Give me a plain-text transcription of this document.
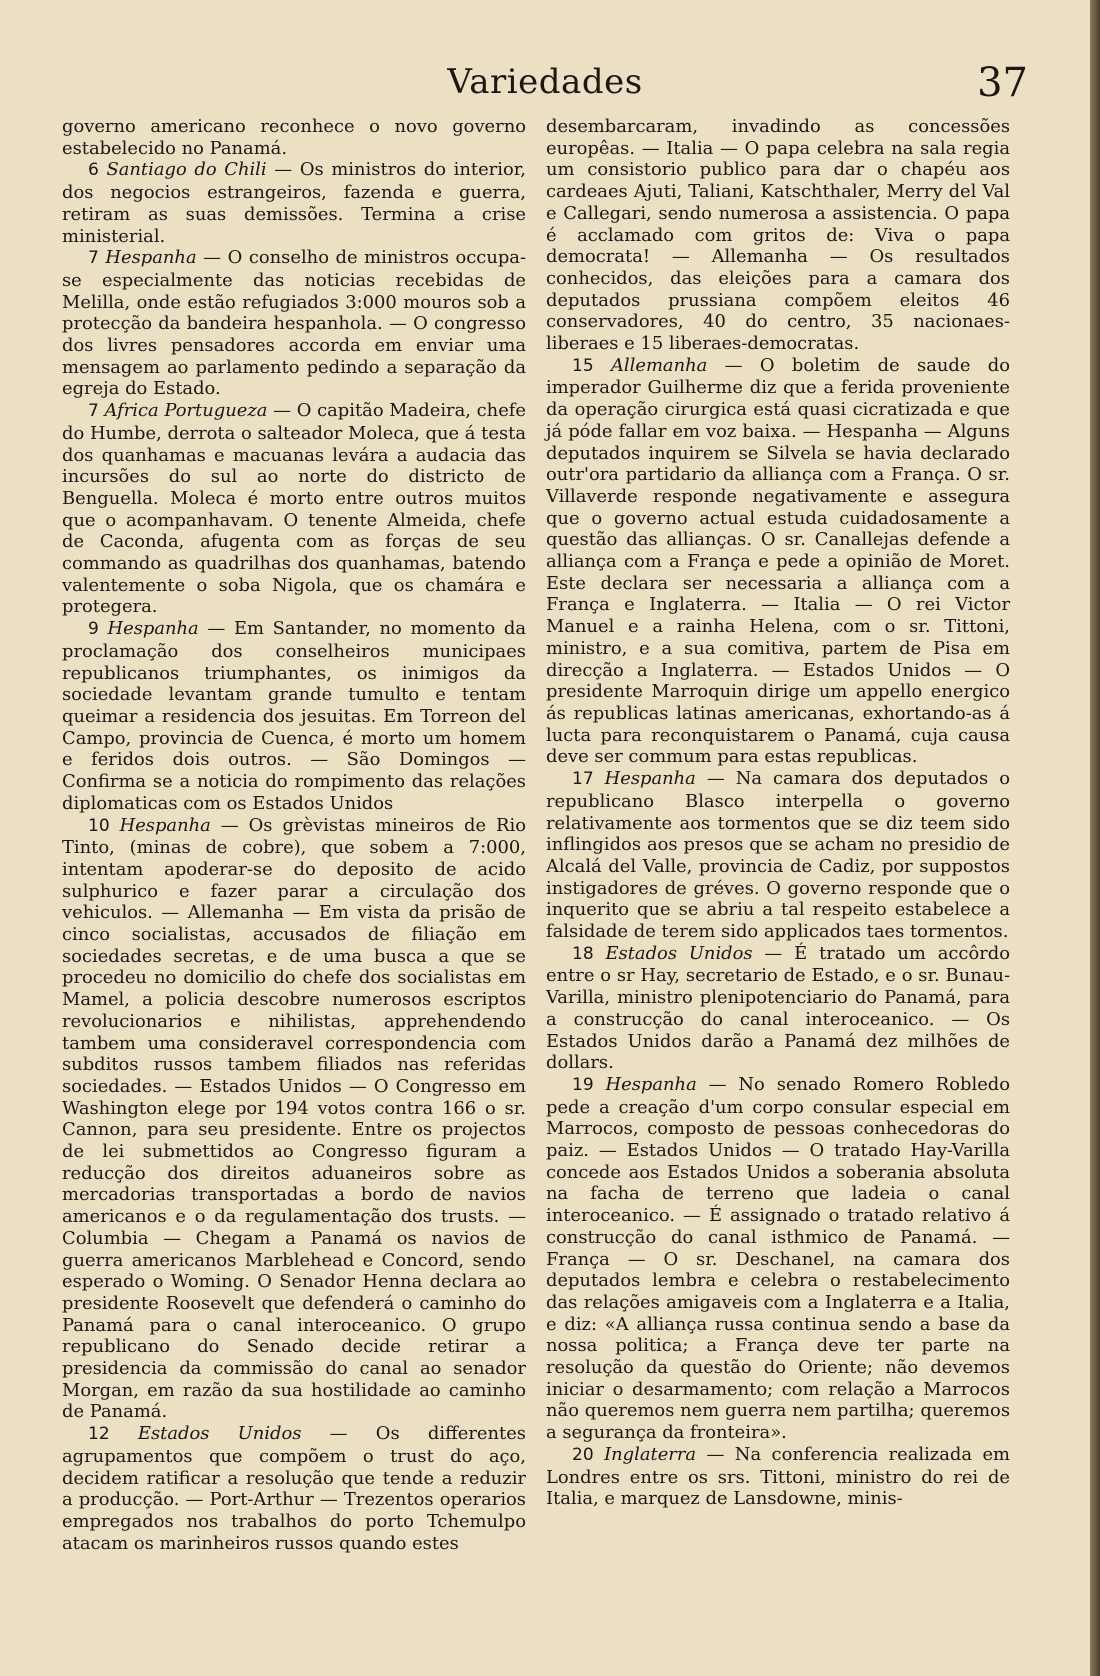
Variedades	37

governo americano reconhece o novo governo estabelecido no Panamá.

6 Santiago do Chili — Os ministros do interior, dos negocios estrangeiros, fazenda e guerra, retiram as suas demissões. Termina a crise ministerial.

7 Hespanha — O conselho de ministros occupa-se especialmente das noticias recebidas de Melilla, onde estão refugiados 3:000 mouros sob a protecção da bandeira hespanhola. — O congresso dos livres pensadores accorda em enviar uma mensagem ao parlamento pedindo a separação da egreja do Estado.

7 Africa Portugueza — O capitão Madeira, chefe do Humbe, derrota o salteador Moleca, que á testa dos quanhamas e macuanas levára a audacia das incursões do sul ao norte do districto de Benguella. Moleca é morto entre outros muitos que o acompanhavam. O tenente Almeida, chefe de Caconda, afugenta com as forças de seu commando as quadrilhas dos quanhamas, batendo valentemente o soba Nigola, que os chamára e protegera.

9 Hespanha — Em Santander, no momento da proclamação dos conselheiros municipaes republicanos triumphantes, os inimigos da sociedade levantam grande tumulto e tentam queimar a residencia dos jesuitas. Em Torreon del Campo, provincia de Cuenca, é morto um homem e feridos dois outros. — São Domingos — Confirma se a noticia do rompimento das relações diplomaticas com os Estados Unidos

10 Hespanha — Os grèvistas mineiros de Rio Tinto, (minas de cobre), que sobem a 7:000, intentam apoderar-se do deposito de acido sulphurico e fazer parar a circulação dos vehiculos. — Allemanha — Em vista da prisão de cinco socialistas, accusados de filiação em sociedades secretas, e de uma busca a que se procedeu no domicilio do chefe dos socialistas em Mamel, a policia descobre numerosos escriptos revolucionarios e nihilistas, apprehendendo tambem uma consideravel correspondencia com subditos russos tambem filiados nas referidas sociedades. — Estados Unidos — O Congresso em Washington elege por 194 votos contra 166 o sr. Cannon, para seu presidente. Entre os projectos de lei submettidos ao Congresso figuram a reducção dos direitos aduaneiros sobre as mercadorias transportadas a bordo de navios americanos e o da regulamentação dos trusts. — Columbia — Chegam a Panamá os navios de guerra americanos Marblehead e Concord, sendo esperado o Woming. O Senador Henna declara ao presidente Roosevelt que defenderá o caminho do Panamá para o canal interoceanico. O grupo republicano do Senado decide retirar a presidencia da commissão do canal ao senador Morgan, em razão da sua hostilidade ao caminho de Panamá.

12 Estados Unidos — Os differentes agrupamentos que compõem o trust do aço, decidem ratificar a resolução que tende a reduzir a producção. — Port-Arthur — Trezentos operarios empregados nos trabalhos do porto Tchemulpo atacam os marinheiros russos quando estes

desembarcaram, invadindo as concessões europêas. — Italia — O papa celebra na sala regia um consistorio publico para dar o chapéu aos cardeaes Ajuti, Taliani, Katschthaler, Merry del Val e Callegari, sendo numerosa a assistencia. O papa é acclamado com gritos de: Viva o papa democrata! — Allemanha — Os resultados conhecidos, das eleições para a camara dos deputados prussiana compõem eleitos 46 conservadores, 40 do centro, 35 nacionaes-liberaes e 15 liberaes-democratas.

15 Allemanha — O boletim de saude do imperador Guilherme diz que a ferida proveniente da operação cirurgica está quasi cicratizada e que já póde fallar em voz baixa. — Hespanha — Alguns deputados inquirem se Silvela se havia declarado outr'ora partidario da alliança com a França. O sr. Villaverde responde negativamente e assegura que o governo actual estuda cuidadosamente a questão das allianças. O sr. Canallejas defende a alliança com a França e pede a opinião de Moret. Este declara ser necessaria a alliança com a França e Inglaterra. — Italia — O rei Victor Manuel e a rainha Helena, com o sr. Tittoni, ministro, e a sua comitiva, partem de Pisa em direcção a Inglaterra. — Estados Unidos — O presidente Marroquin dirige um appello energico ás republicas latinas americanas, exhortando-as á lucta para reconquistarem o Panamá, cuja causa deve ser commum para estas republicas.

17 Hespanha — Na camara dos deputados o republicano Blasco interpella o governo relativamente aos tormentos que se diz teem sido inflingidos aos presos que se acham no presidio de Alcalá del Valle, provincia de Cadiz, por suppostos instigadores de gréves. O governo responde que o inquerito que se abriu a tal respeito estabelece a falsidade de terem sido applicados taes tormentos.

18 Estados Unidos — É tratado um accôrdo entre o sr Hay, secretario de Estado, e o sr. Bunau-Varilla, ministro plenipotenciario do Panamá, para a construcção do canal interoceanico. — Os Estados Unidos darão a Panamá dez milhões de dollars.

19 Hespanha — No senado Romero Robledo pede a creação d'um corpo consular especial em Marrocos, composto de pessoas conhecedoras do paiz. — Estados Unidos — O tratado Hay-Varilla concede aos Estados Unidos a soberania absoluta na facha de terreno que ladeia o canal interoceanico. — É assignado o tratado relativo á construcção do canal isthmico de Panamá. — França — O sr. Deschanel, na camara dos deputados lembra e celebra o restabelecimento das relações amigaveis com a Inglaterra e a Italia, e diz: «A alliança russa continua sendo a base da nossa politica; a França deve ter parte na resolução da questão do Oriente; não devemos iniciar o desarmamento; com relação a Marrocos não queremos nem guerra nem partilha; queremos a segurança da fronteira».

20 Inglaterra — Na conferencia realizada em Londres entre os srs. Tittoni, ministro do rei de Italia, e marquez de Lansdowne, minis-
